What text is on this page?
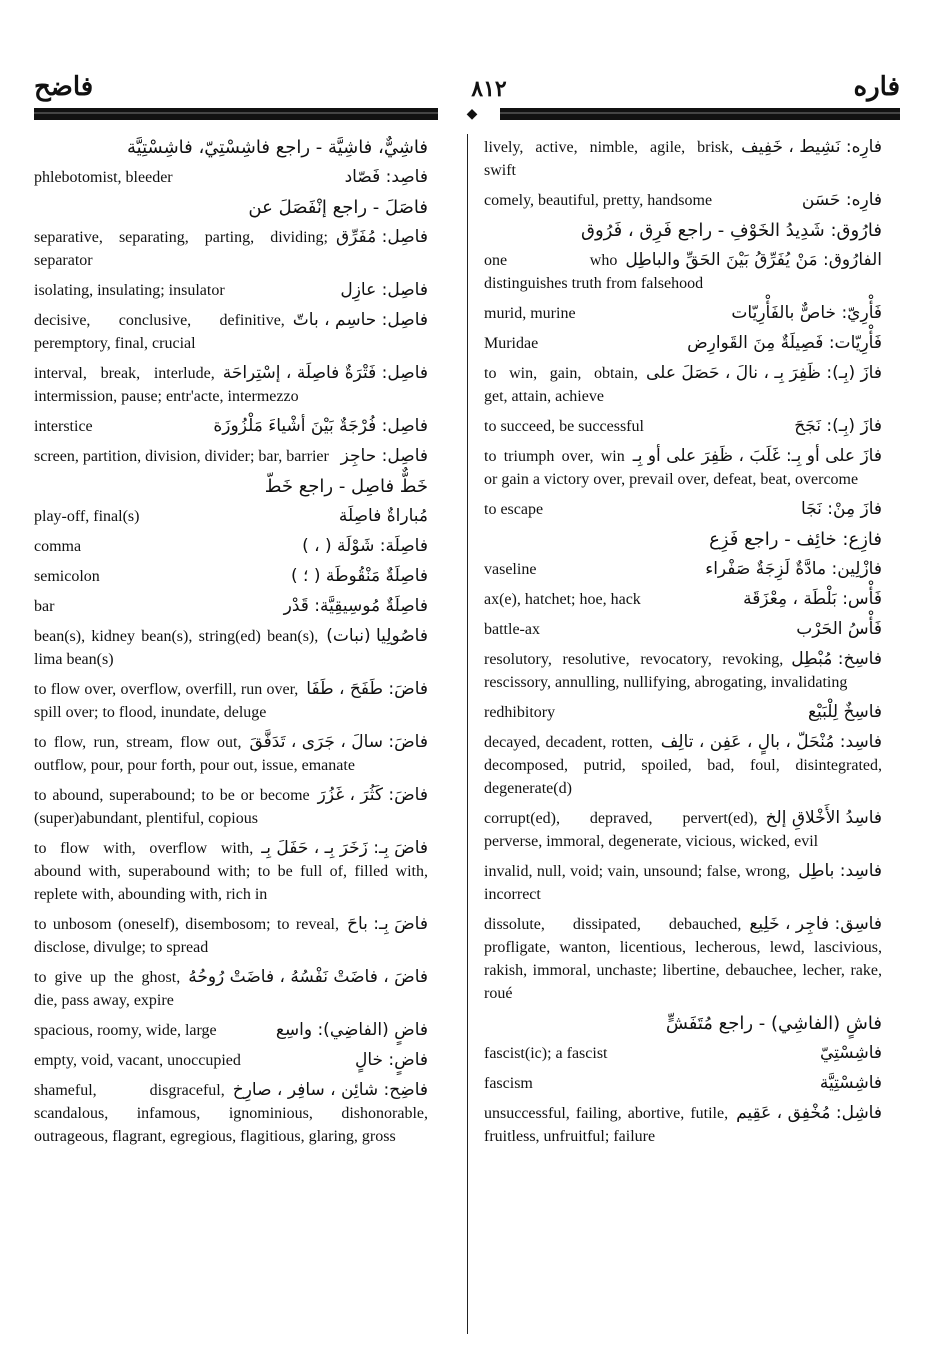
فاضح	٨١٢	فاره
◆
فاشِيٌّ، فاشِيَّة - راجع فاشِسْتِيّ، فاشِسْتِيَّة
فاصِد: فَصّاد
phlebotomist, bleeder
فاصَلَ - راجع إنْفَصَلَ عن
فاصِل: مُفَرِّق
separative, separating, parting, dividing; separator
فاصِل: عازِل
isolating, insulating; insulator
فاصِل: حاسِم ، باتّ
decisive, conclusive, definitive, peremptory, final, crucial
فاصِل: فَتْرَةٌ فاصِلَة ، إسْتِراحَة
interval, break, interlude, intermission, pause; entr'acte, intermezzo
فاصِل: فُرْجَةٌ بَيْنَ أشْياءَ مَلْزُوزَة
interstice
فاصِل: حاجِز
screen, partition, division, divider; bar, barrier
خَطٌّ فاصِل - راجع خَطّ
مُباراةٌ فاصِلَة
play-off, final(s)
فاصِلَة: شَوْلَة ( ، )
comma
فاصِلَةٌ مَنْقُوطَة ( ؛ )
semicolon
فاصِلَةٌ مُوسِيقِيَّة: قَدْر
bar
فاصُولِيا (نبات)
bean(s), kidney bean(s), string(ed) bean(s), lima bean(s)
فاضَ: طَفَحَ ، طَفَا
to flow over, overflow, overfill, run over, spill over; to flood, inundate, deluge
فاضَ: سالَ ، جَرَى ، تَدَفَّقَ
to flow, run, stream, flow out, outflow, pour, pour forth, pour out, issue, emanate
فاضَ: كَثُرَ ، غَزُرَ
to abound, superabound; to be or become (super)abundant, plentiful, copious
فاضَ بِـ: زَخَرَ بِـ ، حَفَلَ بِـ
to flow with, overflow with, abound with, superabound with; to be full of, filled with, replete with, abounding with, rich in
فاضَ بِـ: باحَ
to unbosom (oneself), disembosom; to reveal, disclose, divulge; to spread
فاضَ ، فاضَتْ نَفْسُهُ ، فاضَتْ رُوحُهُ
to give up the ghost, die, pass away, expire
فاضٍ (الفاضِي): واسِع
spacious, roomy, wide, large
فاضٍ: خالٍ
empty, void, vacant, unoccupied
فاضِح: شائِن ، سافِر ، صارِخ
shameful, disgraceful, scandalous, infamous, ignominious, dishonorable, outrageous, flagrant, egregious, flagitious, glaring, gross
فارِه: نَشِيط ، خَفِيف
lively, active, nimble, agile, brisk, swift
فارِه: حَسَن
comely, beautiful, pretty, handsome
فارُوق: شَدِيدُ الخَوْفِ - راجع فَرِق ، فَرُوق
الفارُوق: مَنْ يُفَرِّقُ بَيْنَ الحَقِّ والباطِل
one who distinguishes truth from falsehood
فَأْرِيّ: خاصٌّ بالفَأْرِيّات
murid, murine
فَأْرِيّات: فَصِيلَةٌ مِنَ القَوارِض
Muridae
فازَ (بِـ): ظَفِرَ بِـ ، نالَ ، حَصَلَ على
to win, gain, obtain, get, attain, achieve
فازَ (بِـ): نَجَحَ
to succeed, be successful
فازَ على أو بِـ: غَلَبَ ، ظَفِرَ على أو بِـ
to triumph over, win or gain a victory over, prevail over, defeat, beat, overcome
فازَ مِنْ: نَجَا
to escape
فازِع: خائِف - راجع فَزِع
فازْلِين: مادَّةٌ لَزِجَةٌ صَفْراء
vaseline
فَأْس: بَلْطَة ، مِعْزَقَة
ax(e), hatchet; hoe, hack
فَأْسُ الحَرْب
battle-ax
فاسِخ: مُبْطِل
resolutory, resolutive, revocatory, revoking, rescissory, annulling, nullifying, abrogating, invalidating
فاسِخٌ لِلْبَيْع
redhibitory
فاسِد: مُنْحَلّ ، بالٍ ، عَفِن ، تالِف
decayed, decadent, rotten, decomposed, putrid, spoiled, bad, foul, disintegrated, degenerate(d)
فاسِدُ الأَخْلاقِ إلخ
corrupt(ed), depraved, pervert(ed), perverse, immoral, degenerate, vicious, wicked, evil
فاسِد: باطِل
invalid, null, void; vain, unsound; false, wrong, incorrect
فاسِق: فاجِر ، خَلِيع
dissolute, dissipated, debauched, profligate, wanton, licentious, lecherous, lewd, lascivious, rakish, immoral, unchaste; libertine, debauchee, lecher, rake, roué
فاشٍ (الفاشِي) - راجع مُتَفَشٍّ
فاشِسْتِيّ
fascist(ic); a fascist
فاشِسْتِيَّة
fascism
فاشِل: مُخْفِق ، عَقِيم
unsuccessful, failing, abortive, futile, fruitless, unfruitful; failure
